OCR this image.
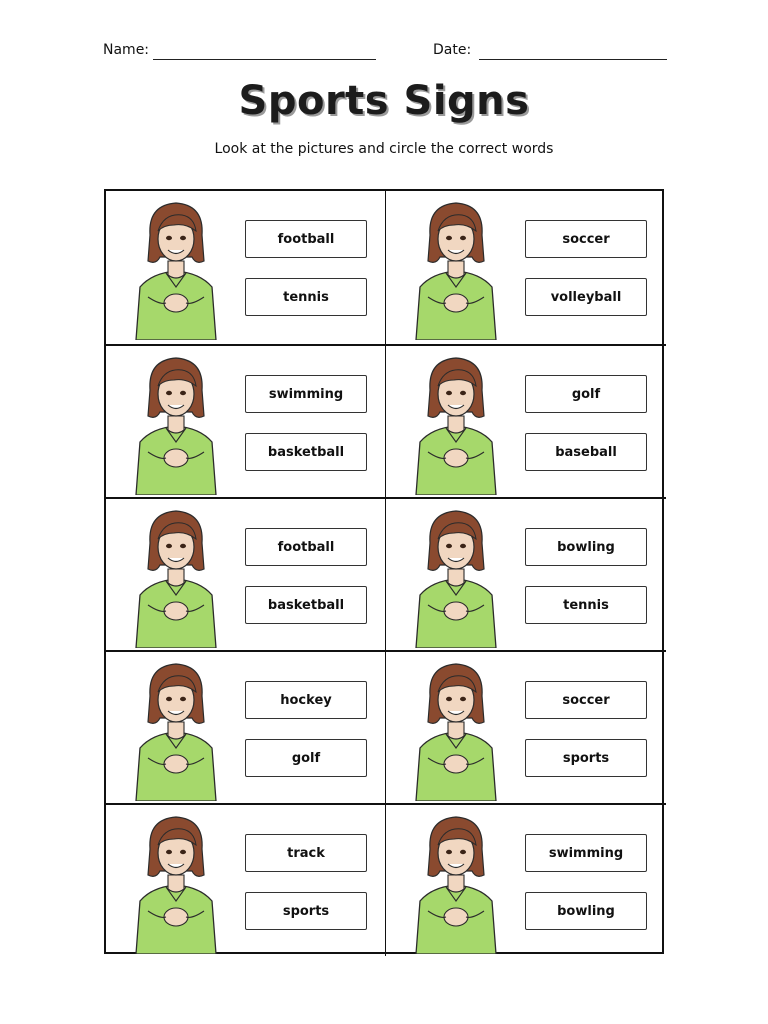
Name:	Date:
Sports Signs
Look at the pictures and circle the correct words
football
tennis
soccer
volleyball
swimming
basketball
golf
baseball
football
basketball
bowling
tennis
hockey
golf
soccer
sports
track
sports
swimming
bowling
